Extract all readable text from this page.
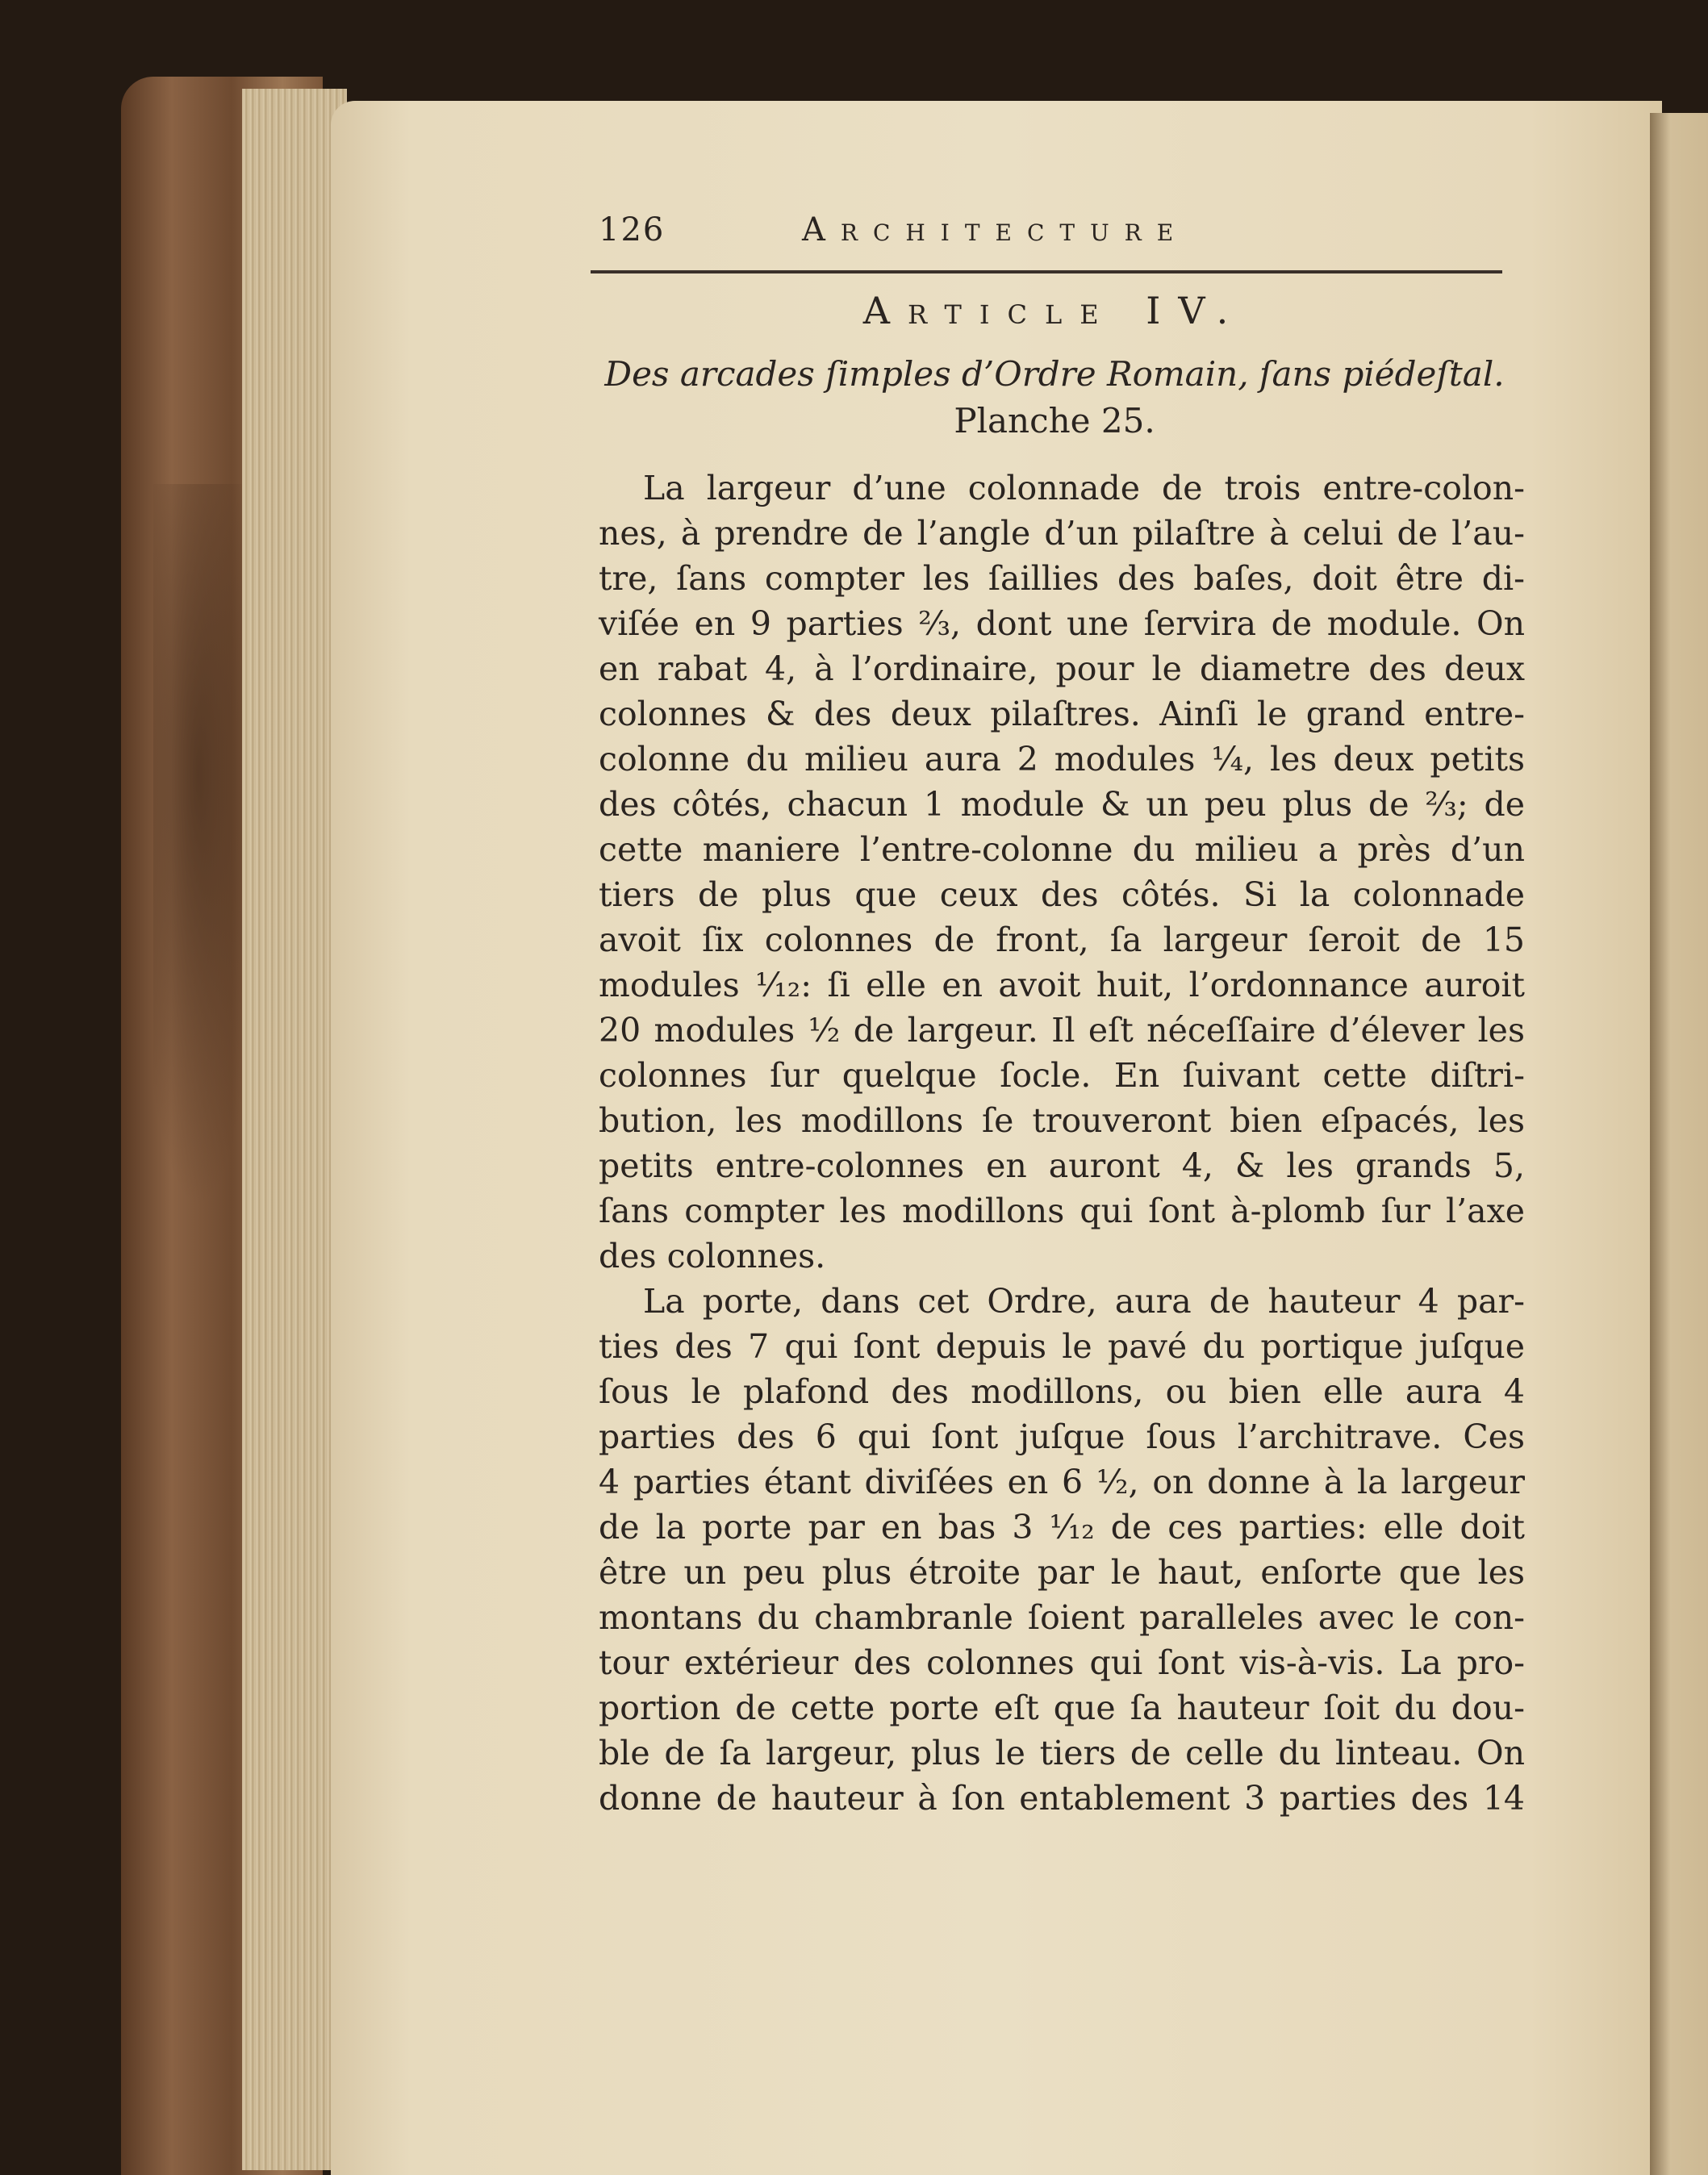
126	Architecture
Article IV.
Des arcades ſimples d’Ordre Romain, ſans piédeſtal.
Planche 25.
La largeur d’une colonnade de trois entre-colon-
nes, à prendre de l’angle d’un pilaſtre à celui de l’au-
tre, ſans compter les ſaillies des baſes, doit être di-
viſée en 9 parties ²⁄₃, dont une ſervira de module. On
en rabat 4, à l’ordinaire, pour le diametre des deux
colonnes & des deux pilaſtres. Ainſi le grand entre-
colonne du milieu aura 2 modules ¹⁄₄, les deux petits
des côtés, chacun 1 module & un peu plus de ²⁄₃; de
cette maniere l’entre-colonne du milieu a près d’un
tiers de plus que ceux des côtés. Si la colonnade
avoit ſix colonnes de front, ſa largeur ſeroit de 15
modules ¹⁄₁₂: ſi elle en avoit huit, l’ordonnance auroit
20 modules ¹⁄₂ de largeur. Il eſt néceſſaire d’élever les
colonnes ſur quelque ſocle. En ſuivant cette diſtri-
bution, les modillons ſe trouveront bien eſpacés, les
petits entre-colonnes en auront 4, & les grands 5,
ſans compter les modillons qui ſont à-plomb ſur l’axe
des colonnes.
La porte, dans cet Ordre, aura de hauteur 4 par-
ties des 7 qui ſont depuis le pavé du portique juſque
ſous le plafond des modillons, ou bien elle aura 4
parties des 6 qui ſont juſque ſous l’architrave. Ces
4 parties étant diviſées en 6 ¹⁄₂, on donne à la largeur
de la porte par en bas 3 ¹⁄₁₂ de ces parties: elle doit
être un peu plus étroite par le haut, enſorte que les
montans du chambranle ſoient paralleles avec le con-
tour extérieur des colonnes qui ſont vis-à-vis. La pro-
portion de cette porte eſt que ſa hauteur ſoit du dou-
ble de ſa largeur, plus le tiers de celle du linteau. On
donne de hauteur à ſon entablement 3 parties des 14
